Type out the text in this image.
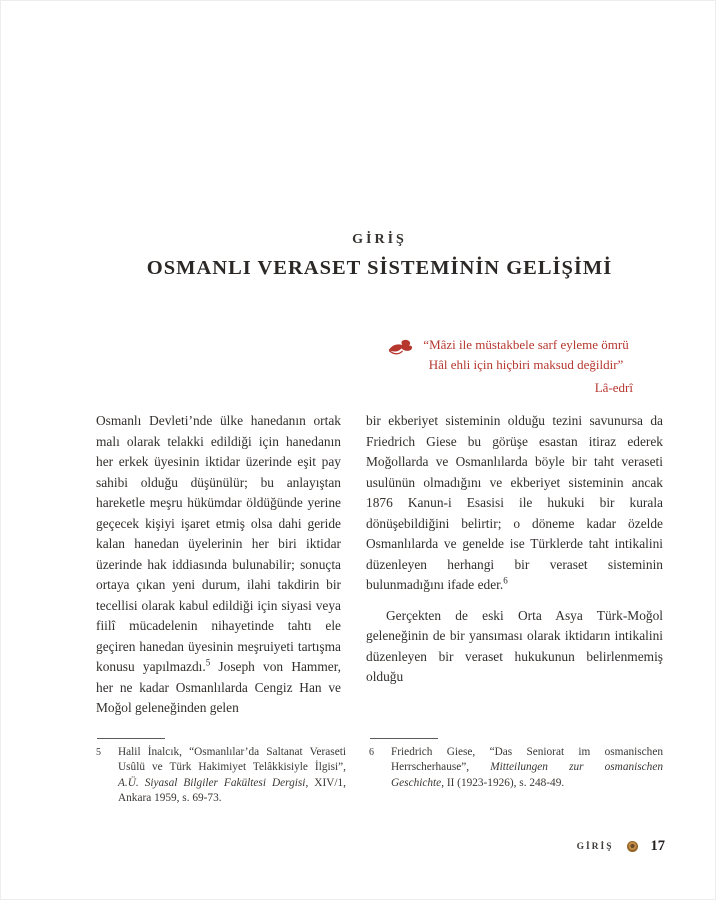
GİRİŞ
OSMANLI VERASET SİSTEMİNİN GELİŞİMİ
“Mâzi ile müstakbele sarf eyleme ömrü
Hâl ehli için hiçbiri maksud değildir”
Lâ-edrî

Osmanlı Devleti’nde ülke hanedanın ortak malı olarak telakki edildiği için hanedanın her erkek üyesinin iktidar üzerinde eşit pay sahibi olduğu düşünülür; bu anlayıştan hareketle meşru hükümdar öldüğünde yerine geçecek kişiyi işaret etmiş olsa dahi geride kalan hanedan üyelerinin her biri iktidar üzerinde hak iddiasında bulunabilir; sonuçta ortaya çıkan yeni durum, ilahi takdirin bir tecellisi olarak kabul edildiği için siyasi veya fiilî mücadelenin nihayetinde tahtı ele geçiren hanedan üyesinin meşruiyeti tartışma konusu yapılmazdı.$^5$ Joseph von Hammer, her ne kadar Osmanlılarda Cengiz Han ve Moğol geleneğinden gelen

bir ekberiyet sisteminin olduğu tezini savunursa da Friedrich Giese bu görüşe esastan itiraz ederek Moğollarda ve Osmanlılarda böyle bir taht veraseti usulünün olmadığını ve ekberiyet sisteminin ancak 1876 Kanun-i Esasisi ile hukuki bir kurala dönüşebildiğini belirtir; o döneme kadar özelde Osmanlılarda ve genelde ise Türklerde taht intikalini düzenleyen herhangi bir veraset sisteminin bulunmadığını ifade eder.$^6$

Gerçekten de eski Orta Asya Türk-Moğol geleneğinin de bir yansıması olarak iktidarın intikalini düzenleyen bir veraset hukukunun belirlenmemiş olduğu

5	Halil İnalcık, “Osmanlılar’da Saltanat Veraseti Usûlü ve Türk Hakimiyet Telâkkisiyle İlgisi”, A.Ü. Siyasal Bilgiler Fakültesi Dergisi, XIV/1, Ankara 1959, s. 69-73.
6	Friedrich Giese, “Das Seniorat im osmanischen Herrscherhause”, Mitteilungen zur osmanischen Geschichte, II (1923-1926), s. 248-49.
GİRİŞ	17
